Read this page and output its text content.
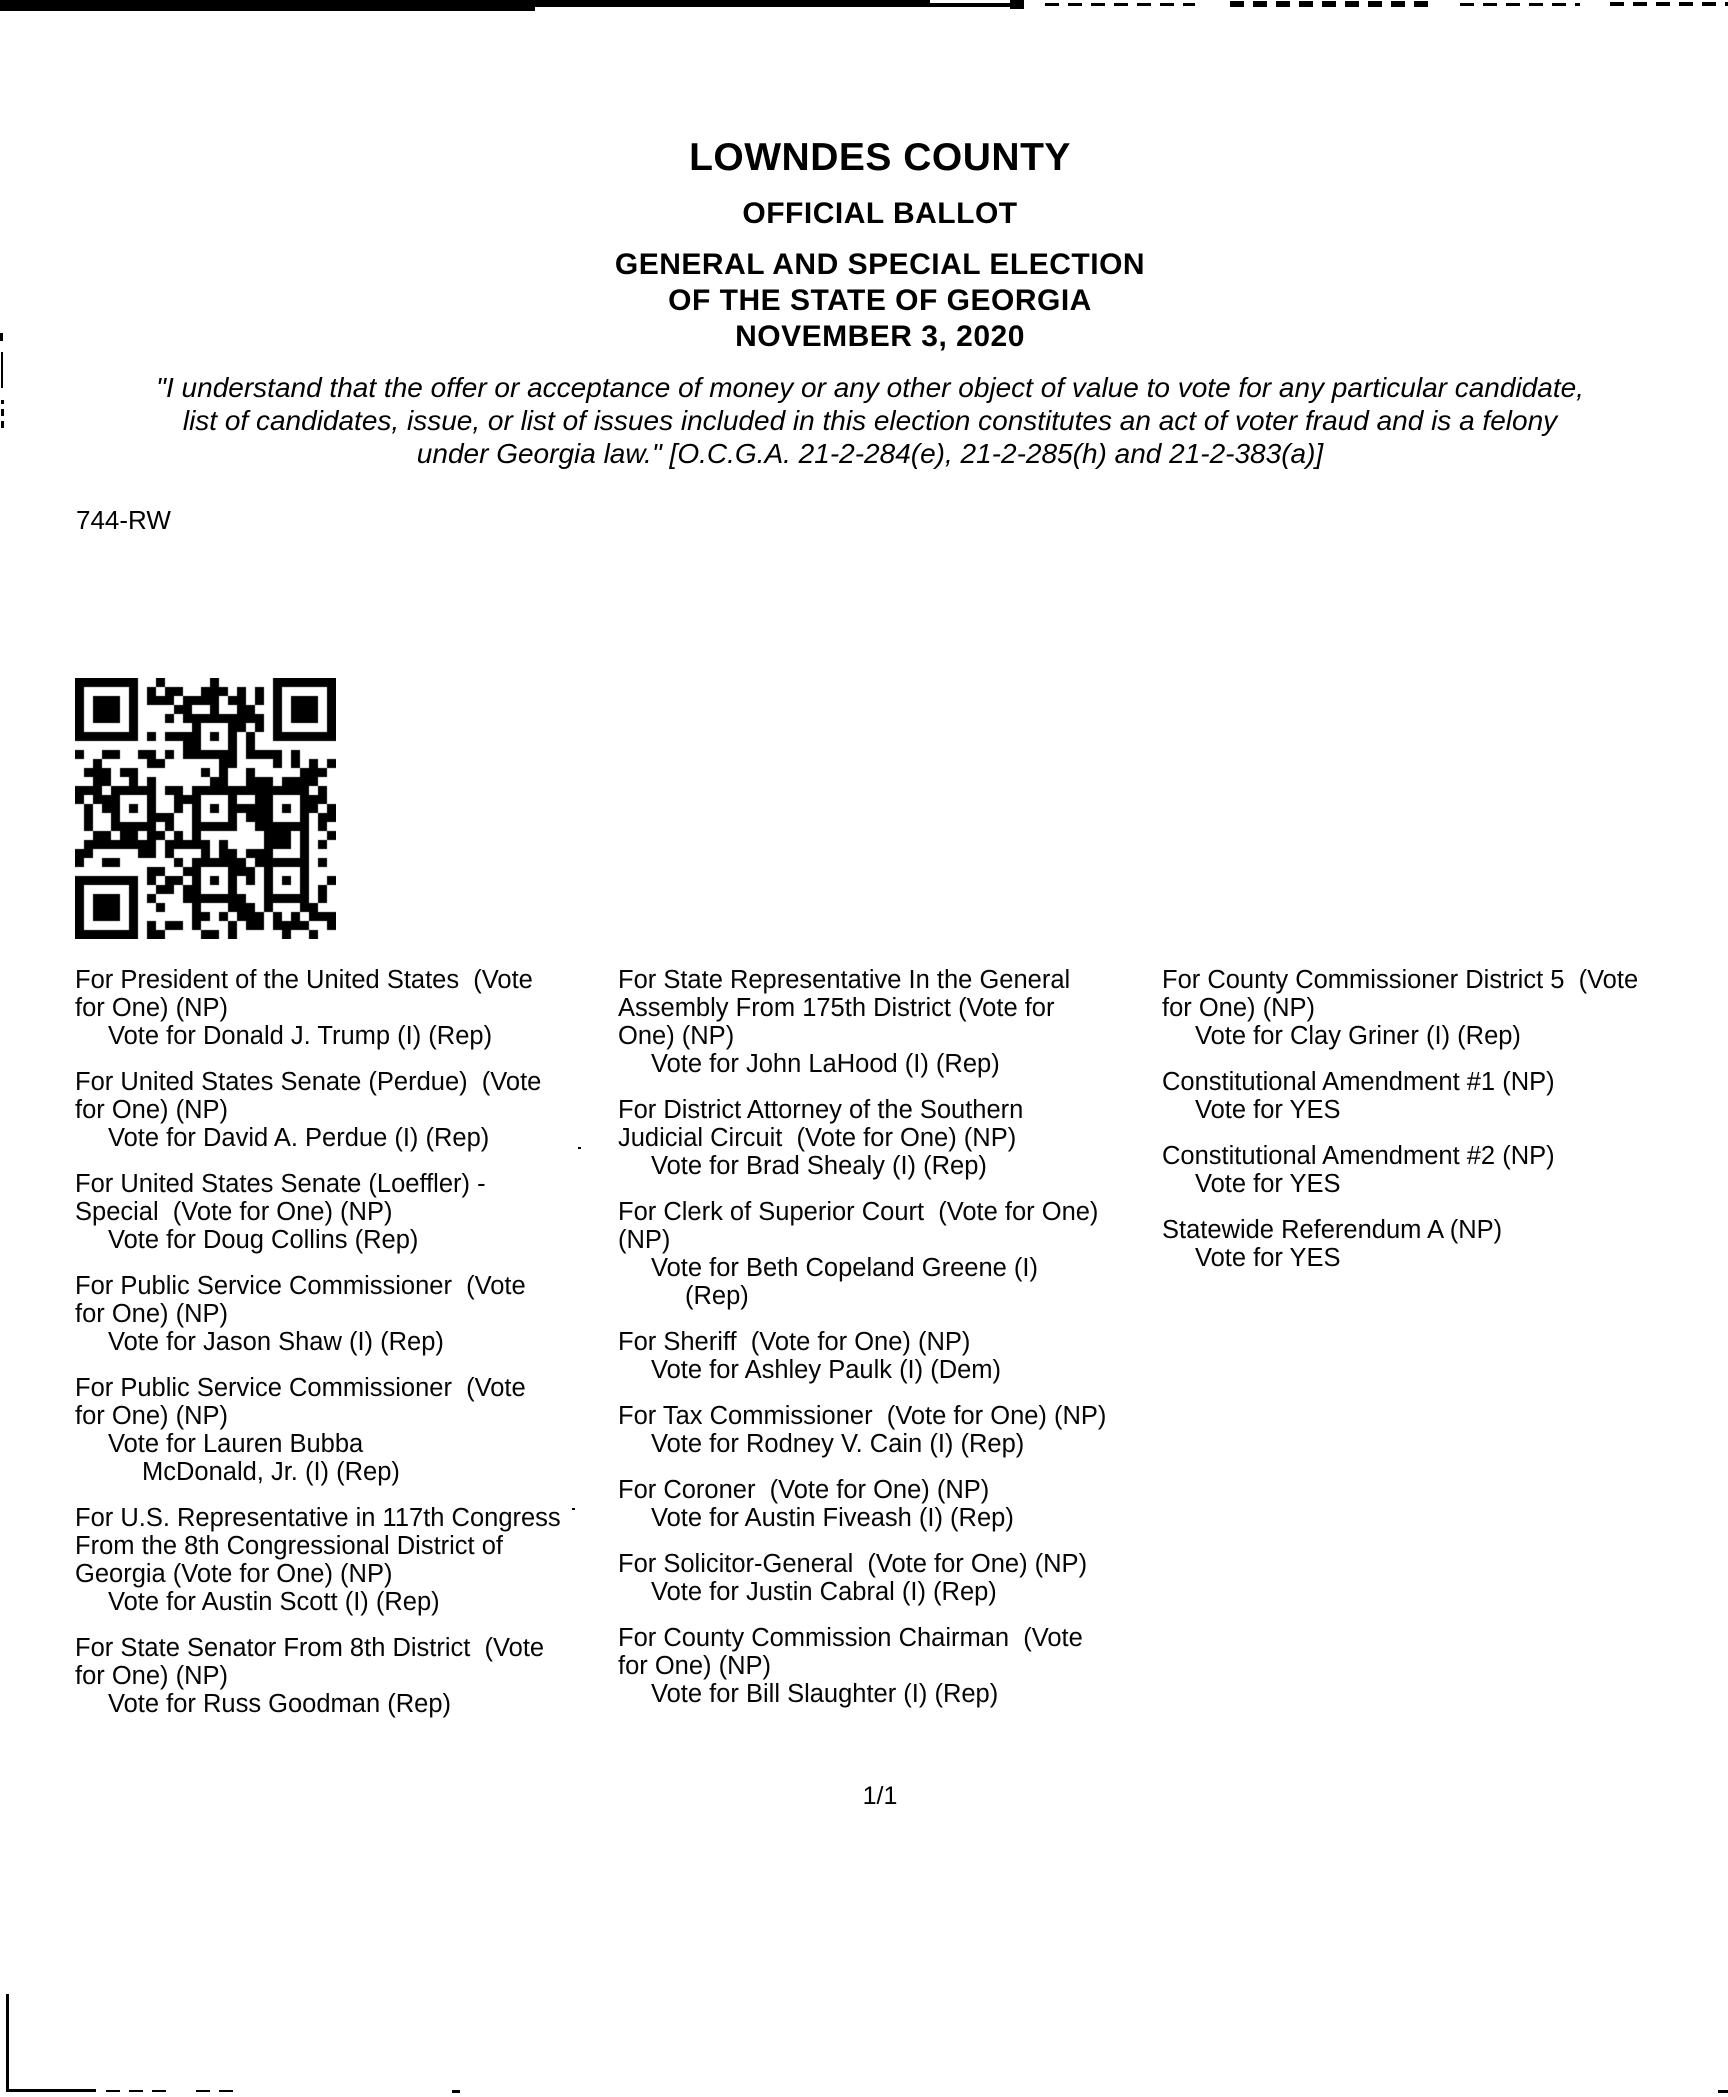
LOWNDES COUNTY
OFFICIAL BALLOT
GENERAL AND SPECIAL ELECTION
OF THE STATE OF GEORGIA
NOVEMBER 3, 2020
"I understand that the offer or acceptance of money or any other object of value to vote for any particular candidate,
list of candidates, issue, or list of issues included in this election constitutes an act of voter fraud and is a felony
under Georgia law." [O.C.G.A. 21-2-284(e), 21-2-285(h) and 21-2-383(a)]
744-RW
For President of the United States  (Vote
for One) (NP)
Vote for Donald J. Trump (I) (Rep)
For United States Senate (Perdue)  (Vote
for One) (NP)
Vote for David A. Perdue (I) (Rep)
For United States Senate (Loeffler) -
Special  (Vote for One) (NP)
Vote for Doug Collins (Rep)
For Public Service Commissioner  (Vote
for One) (NP)
Vote for Jason Shaw (I) (Rep)
For Public Service Commissioner  (Vote
for One) (NP)
Vote for Lauren Bubba
McDonald, Jr. (I) (Rep)
For U.S. Representative in 117th Congress
From the 8th Congressional District of
Georgia (Vote for One) (NP)
Vote for Austin Scott (I) (Rep)
For State Senator From 8th District  (Vote
for One) (NP)
Vote for Russ Goodman (Rep)
For State Representative In the General
Assembly From 175th District (Vote for
One) (NP)
Vote for John LaHood (I) (Rep)
For District Attorney of the Southern
Judicial Circuit  (Vote for One) (NP)
Vote for Brad Shealy (I) (Rep)
For Clerk of Superior Court  (Vote for One)
(NP)
Vote for Beth Copeland Greene (I)
(Rep)
For Sheriff  (Vote for One) (NP)
Vote for Ashley Paulk (I) (Dem)
For Tax Commissioner  (Vote for One) (NP)
Vote for Rodney V. Cain (I) (Rep)
For Coroner  (Vote for One) (NP)
Vote for Austin Fiveash (I) (Rep)
For Solicitor-General  (Vote for One) (NP)
Vote for Justin Cabral (I) (Rep)
For County Commission Chairman  (Vote
for One) (NP)
Vote for Bill Slaughter (I) (Rep)
For County Commissioner District 5  (Vote
for One) (NP)
Vote for Clay Griner (I) (Rep)
Constitutional Amendment #1 (NP)
Vote for YES
Constitutional Amendment #2 (NP)
Vote for YES
Statewide Referendum A (NP)
Vote for YES
1/1
